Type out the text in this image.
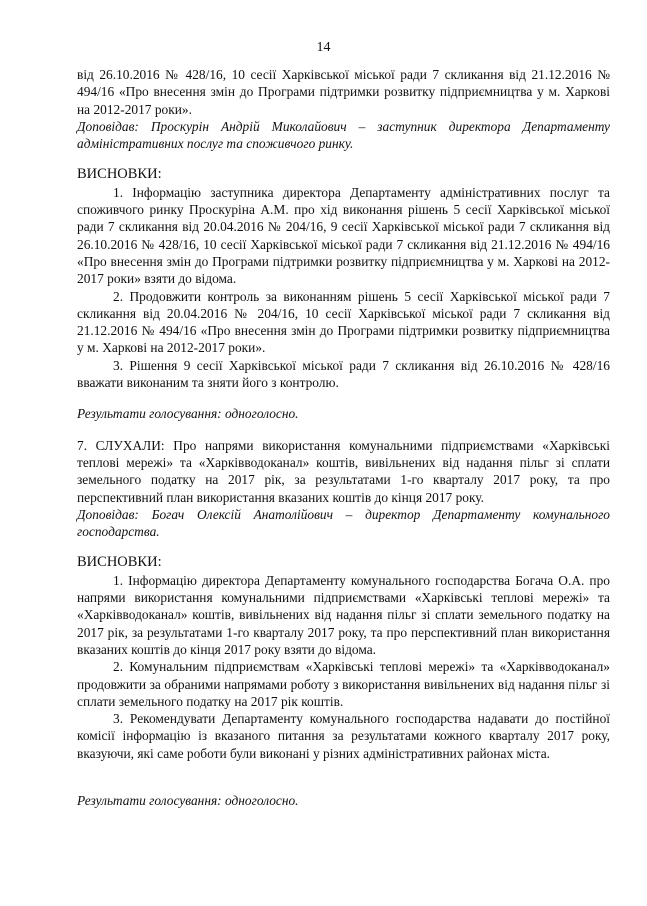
14

від 26.10.2016 № 428/16, 10 сесії Харківської міської ради 7 скликання від 21.12.2016 № 494/16 «Про внесення змін до Програми підтримки розвитку підприємництва у м. Харкові на 2012-2017 роки».

Доповідав: Проскурін Андрій Миколайович – заступник директора Департаменту адміністративних послуг та споживчого ринку.

ВИСНОВКИ:

1. Інформацію заступника директора Департаменту адміністративних послуг та споживчого ринку Проскуріна А.М. про хід виконання рішень 5 сесії Харківської міської ради 7 скликання від 20.04.2016 № 204/16, 9 сесії Харківської міської ради 7 скликання від 26.10.2016 № 428/16, 10 сесії Харківської міської ради 7 скликання від 21.12.2016 № 494/16 «Про внесення змін до Програми підтримки розвитку підприємництва у м. Харкові на 2012-2017 роки» взяти до відома.

2. Продовжити контроль за виконанням рішень 5 сесії Харківської міської ради 7 скликання від 20.04.2016 № 204/16, 10 сесії Харківської міської ради 7 скликання від 21.12.2016 № 494/16 «Про внесення змін до Програми підтримки розвитку підприємництва у м. Харкові на 2012-2017 роки».

3. Рішення 9 сесії Харківської міської ради 7 скликання від 26.10.2016 № 428/16 вважати виконаним та зняти його з контролю.

Результати голосування: одноголосно.

7. СЛУХАЛИ: Про напрями використання комунальними підприємствами «Харківські теплові мережі» та «Харківводоканал» коштів, вивільнених від надання пільг зі сплати земельного податку на 2017 рік, за результатами 1-го кварталу 2017 року, та про перспективний план використання вказаних коштів до кінця 2017 року.

Доповідав: Богач Олексій Анатолійович – директор Департаменту комунального господарства.

ВИСНОВКИ:

1. Інформацію директора Департаменту комунального господарства Богача О.А. про напрями використання комунальними підприємствами «Харківські теплові мережі» та «Харківводоканал» коштів, вивільнених від надання пільг зі сплати земельного податку на 2017 рік, за результатами 1-го кварталу 2017 року, та про перспективний план використання вказаних коштів до кінця 2017 року взяти до відома.

2. Комунальним підприємствам «Харківські теплові мережі» та «Харківводоканал» продовжити за обраними напрямами роботу з використання вивільнених від надання пільг зі сплати земельного податку на 2017 рік коштів.

3. Рекомендувати Департаменту комунального господарства надавати до постійної комісії інформацію із вказаного питання за результатами кожного кварталу 2017 року, вказуючи, які саме роботи були виконані у різних адміністративних районах міста.

Результати голосування: одноголосно.
